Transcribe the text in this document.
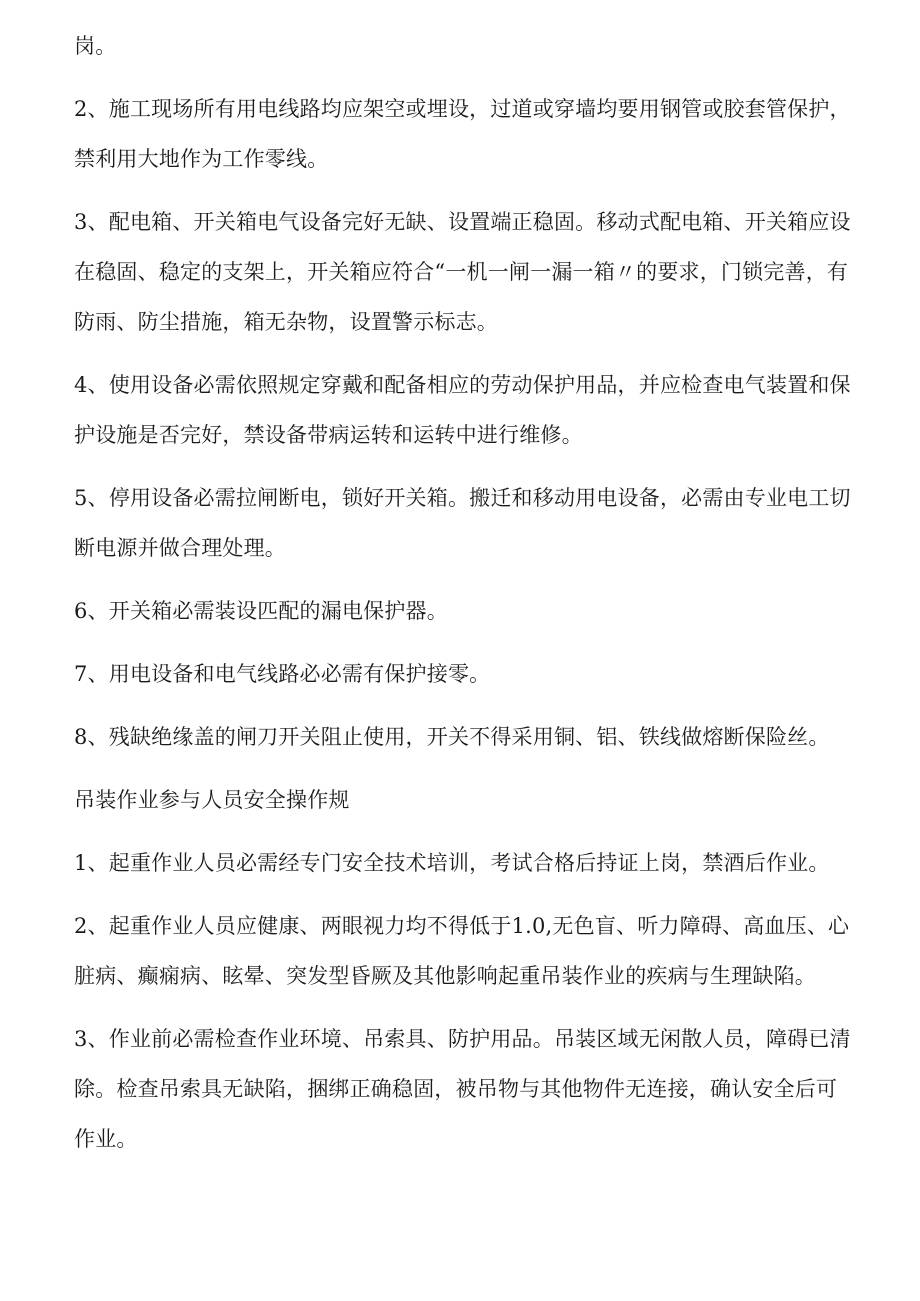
岗。

2、施工现场所有用电线路均应架空或埋设，过道或穿墙均要用钢管或胶套管保护，禁利用大地作为工作零线。

3、配电箱、开关箱电气设备完好无缺、设置端正稳固。移动式配电箱、开关箱应设在稳固、稳定的支架上，开关箱应符合“一机一闸一漏一箱〃的要求，门锁完善，有防雨、防尘措施，箱无杂物，设置警示标志。

4、使用设备必需依照规定穿戴和配备相应的劳动保护用品，并应检查电气装置和保护设施是否完好，禁设备带病运转和运转中进行维修。

5、停用设备必需拉闸断电，锁好开关箱。搬迁和移动用电设备，必需由专业电工切断电源并做合理处理。

6、开关箱必需装设匹配的漏电保护器。

7、用电设备和电气线路必必需有保护接零。

8、残缺绝缘盖的闸刀开关阻止使用，开关不得采用铜、铝、铁线做熔断保险丝。

吊装作业参与人员安全操作规

1、起重作业人员必需经专门安全技术培训，考试合格后持证上岗，禁酒后作业。

2、起重作业人员应健康、两眼视力均不得低于1.0,无色盲、听力障碍、高血压、心脏病、癫痫病、眩晕、突发型昏厥及其他影响起重吊装作业的疾病与生理缺陷。

3、作业前必需检查作业环境、吊索具、防护用品。吊装区域无闲散人员，障碍已清除。检查吊索具无缺陷，捆绑正确稳固，被吊物与其他物件无连接，确认安全后可作业。
